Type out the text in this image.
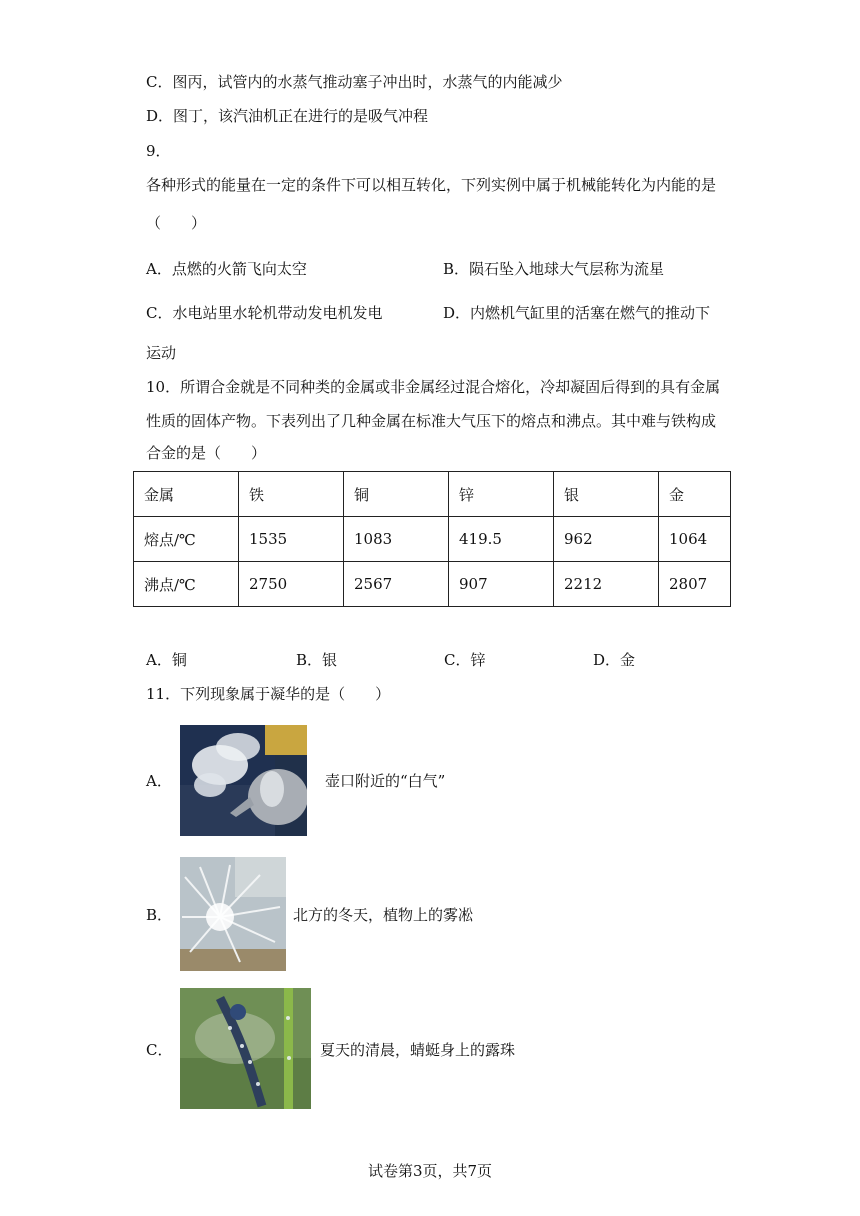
C．图丙，试管内的水蒸气推动塞子冲出时，水蒸气的内能减少
D．图丁，该汽油机正在进行的是吸气冲程
9．
各种形式的能量在一定的条件下可以相互转化，下列实例中属于机械能转化为内能的是
（　　）
A．点燃的火箭飞向太空	B．陨石坠入地球大气层称为流星
C．水电站里水轮机带动发电机发电	D．内燃机气缸里的活塞在燃气的推动下
运动
10．所谓合金就是不同种类的金属或非金属经过混合熔化，冷却凝固后得到的具有金属
性质的固体产物。下表列出了几种金属在标准大气压下的熔点和沸点。其中难与铁构成
合金的是（　　）
金属	铁	铜	锌	银	金
熔点/℃	1535	1083	419.5	962	1064
沸点/℃	2750	2567	907	2212	2807
A．铜	B．银	C．锌	D．金
11．下列现象属于凝华的是（　　）
A．	壶口附近的“白气”
B．	北方的冬天，植物上的雾凇
C．	夏天的清晨，蜻蜓身上的露珠
试卷第3页，共7页
